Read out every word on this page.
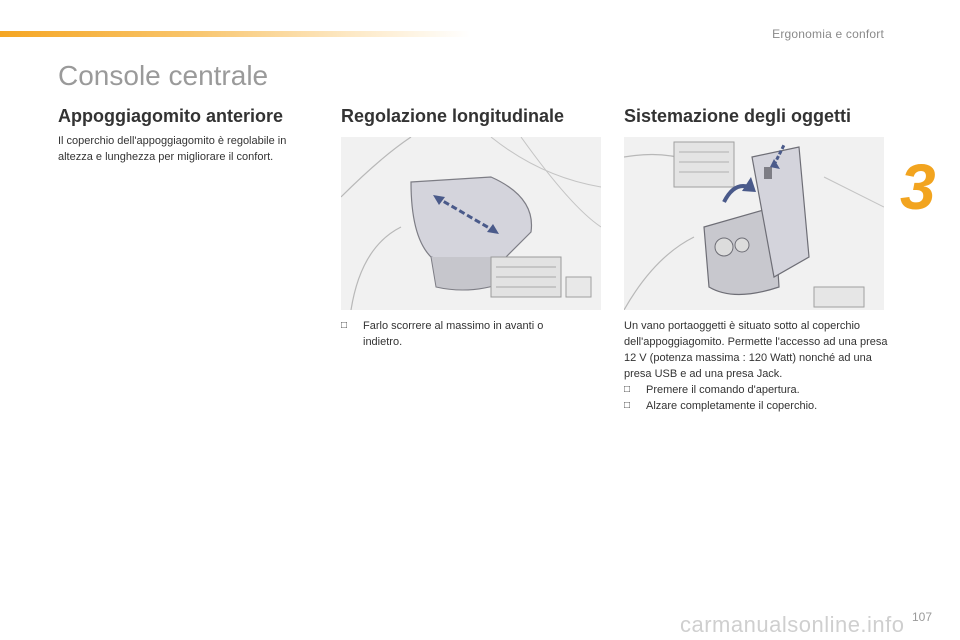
Ergonomia e confort
3
Console centrale
Appoggiagomito anteriore
Il coperchio dell'appoggiagomito è regolabile in altezza e lunghezza per migliorare il confort.
Regolazione longitudinale
□	Farlo scorrere al massimo in avanti o indietro.
Sistemazione degli oggetti
Un vano portaoggetti è situato sotto al coperchio dell'appoggiagomito. Permette l'accesso ad una presa 12 V (potenza massima : 120 Watt) nonché ad una presa USB e ad una presa Jack.
□	Premere il comando d'apertura.
□	Alzare completamente il coperchio.
carmanualsonline.info 107
